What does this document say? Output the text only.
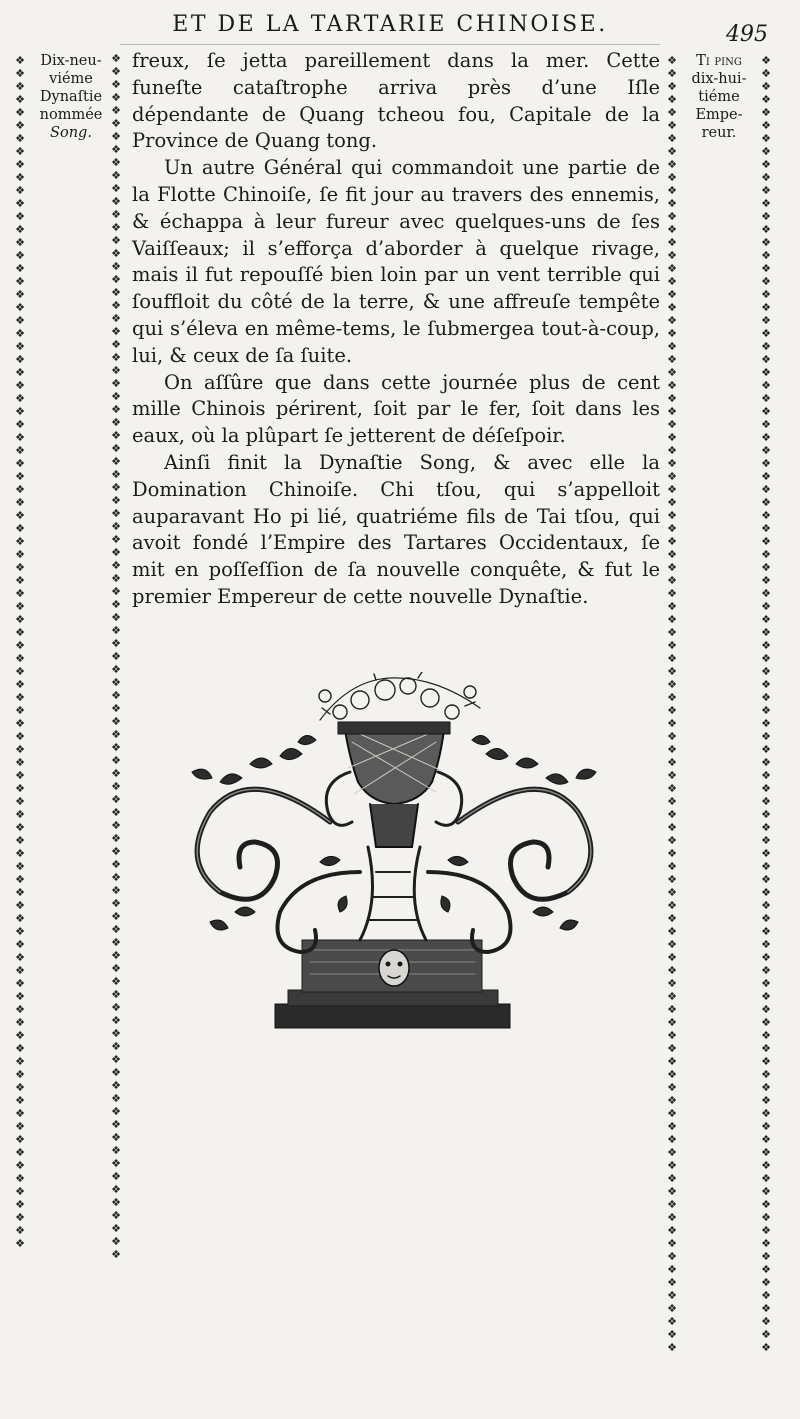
ET DE LA TARTARIE CHINOISE.	495
❖
❖
❖
❖
❖
❖
❖
❖
❖
❖
❖
❖
❖
❖
❖
❖
❖
❖
❖
❖
❖
❖
❖
❖
❖
❖
❖
❖
❖
❖
❖
❖
❖
❖
❖
❖
❖
❖
❖
❖
❖
❖
❖
❖
❖
❖
❖
❖
❖
❖
❖
❖
❖
❖
❖
❖
❖
❖
❖
❖
❖
❖
❖
❖
❖
❖
❖
❖
❖
❖
❖
❖
❖
❖
❖
❖
❖
❖
❖
❖
❖
❖
❖
❖
❖
❖
❖
❖
❖
❖
❖
❖
❖
❖
❖
❖
❖
❖
❖
❖
❖
❖
❖
❖
❖
❖
❖
❖
❖
❖
❖
❖
❖
❖
❖
❖
❖
❖
❖
❖
❖
❖
❖
❖
❖
❖
❖
❖
❖
❖
❖
❖
❖
❖
❖
❖
❖
❖
❖
❖
❖
❖
❖
❖
❖
❖
❖
❖
❖
❖
❖
❖
❖
❖
❖
❖
❖
❖
❖
❖
❖
❖
❖
❖
❖
❖
❖
❖
❖
❖
❖
❖
❖
❖
❖
❖
❖
❖
❖
❖
❖
❖
❖
❖
❖
❖
❖
❖
❖
❖
❖
❖
❖
❖
❖
❖
❖
❖
❖
❖
❖
❖
❖
❖
❖
❖
❖
❖
❖
❖
❖
❖
❖
❖
❖
❖
❖
❖
❖
❖
❖
❖
❖
❖
❖
❖
❖
❖
❖
❖
❖
❖
❖
❖
❖
❖
❖
❖
❖
❖
❖
❖
❖
❖
❖
❖
❖
❖
❖
❖
❖
❖
❖
❖
❖
❖
❖
❖
❖
❖
❖
❖
❖
❖
❖
❖
❖
❖
❖
❖
❖
❖
❖
❖
❖
❖
❖
❖
❖
❖
❖
❖
❖
❖
❖
❖
❖
❖
❖
❖
❖
❖
❖
❖
❖
❖
❖
❖
❖
❖
❖
❖
❖
❖
❖
❖
❖
❖
❖
❖
❖
❖
❖
❖
❖
❖
❖
❖
❖
❖
❖
❖
❖
❖
❖
❖
❖
❖
❖
❖
❖
❖
❖
❖
❖
❖
❖
❖
❖
❖
❖
❖
❖
❖
❖
❖
❖
❖
❖
❖
❖
❖
❖
❖
❖
❖
❖
❖
❖
❖
❖
❖
❖
❖
❖
❖
❖
❖
❖
❖
❖
❖
❖
❖
❖
❖
❖
❖
❖
❖
❖
❖
❖
❖
❖
Dix-neu-
viéme
Dynaſtie
nommée
Song.
Ti ping
dix-hui-
tiéme
Empe-
reur.

freux, ſe jetta pareillement dans la mer. Cette funeſte cataſtrophe arriva près d’une Iſle dépendante de Quang tcheou fou, Capitale de la Province de Quang tong.

Un autre Général qui commandoit une partie de la Flotte Chinoiſe, ſe fit jour au travers des ennemis, & échappa à leur fureur avec quelques-uns de ſes Vaiſſeaux; il s’efforça d’aborder à quelque rivage, mais il fut repouſſé bien loin par un vent terrible qui ſouffloit du côté de la terre, & une affreuſe tempête qui s’éleva en même-tems, le ſubmergea tout-à-coup, lui, & ceux de ſa ſuite.

On aſſûre que dans cette journée plus de cent mille Chinois périrent, ſoit par le fer, ſoit dans les eaux, où la plûpart ſe jetterent de déſeſpoir.

Ainſi finit la Dynaſtie Song, & avec elle la Domination Chinoiſe. Chi tſou, qui s’appelloit auparavant Ho pi lié, quatriéme fils de Tai tſou, qui avoit fondé l’Empire des Tartares Occidentaux, ſe mit en poſſeſſion de ſa nouvelle conquête, & fut le premier Empereur de cette nouvelle Dynaſtie.
